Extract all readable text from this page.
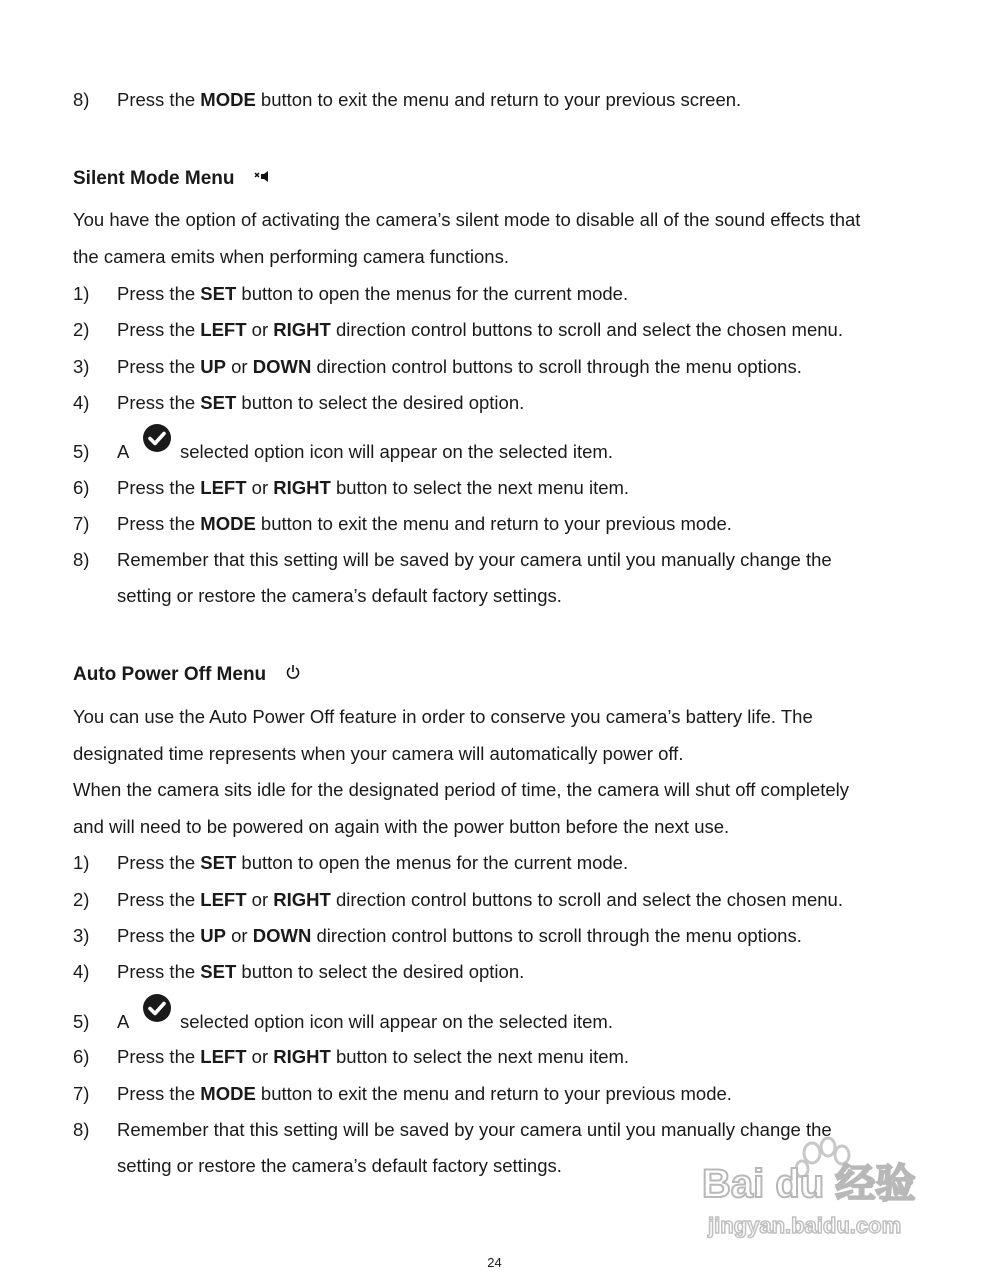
8) Press the MODE button to exit the menu and return to your previous screen.
Silent Mode Menu
You have the option of activating the camera’s silent mode to disable all of the sound effects that
the camera emits when performing camera functions.
1) Press the SET button to open the menus for the current mode.
2) Press the LEFT or RIGHT direction control buttons to scroll and select the chosen menu.
3) Press the UP or DOWN direction control buttons to scroll through the menu options.
4) Press the SET button to select the desired option.
5) A	selected option icon will appear on the selected item.
6) Press the LEFT or RIGHT button to select the next menu item.
7) Press the MODE button to exit the menu and return to your previous mode.
8) Remember that this setting will be saved by your camera until you manually change the
setting or restore the camera’s default factory settings.
Auto Power Off Menu
You can use the Auto Power Off feature in order to conserve you camera’s battery life. The
designated time represents when your camera will automatically power off.
When the camera sits idle for the designated period of time, the camera will shut off completely
and will need to be powered on again with the power button before the next use.
1) Press the SET button to open the menus for the current mode.
2) Press the LEFT or RIGHT direction control buttons to scroll and select the chosen menu.
3) Press the UP or DOWN direction control buttons to scroll through the menu options.
4) Press the SET button to select the desired option.
5) A	selected option icon will appear on the selected item.
6) Press the LEFT or RIGHT button to select the next menu item.
7) Press the MODE button to exit the menu and return to your previous mode.
8) Remember that this setting will be saved by your camera until you manually change the
setting or restore the camera’s default factory settings.	Bai du 经验
jingyan.baidu.com
24
